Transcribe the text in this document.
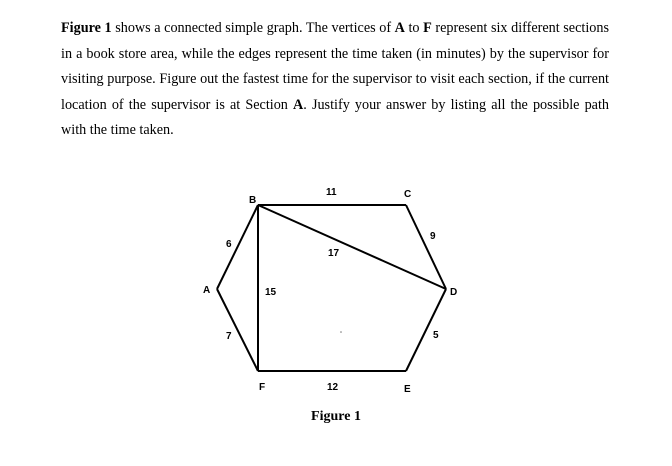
Figure 1 shows a connected simple graph. The vertices of A to F represent six different sections in a book store area, while the edges represent the time taken (in minutes) by the supervisor for visiting purpose. Figure out the fastest time for the supervisor to visit each section, if the current location of the supervisor is at Section A. Justify your answer by listing all the possible path with the time taken.

A
B
C
D
E
F
6
7
15
11
17
9
5
12

Figure 1
